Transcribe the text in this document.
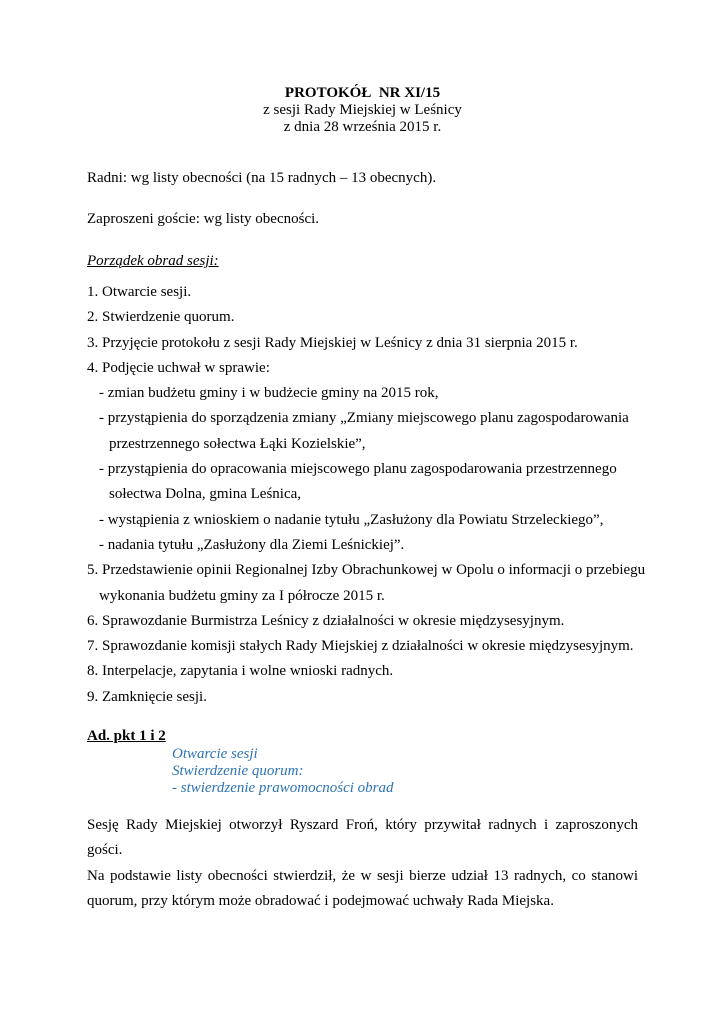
PROTOKÓŁ  NR XI/15
z sesji Rady Miejskiej w Leśnicy
z dnia 28 września 2015 r.
Radni: wg listy obecności (na 15 radnych – 13 obecnych).
Zaproszeni goście: wg listy obecności.
Porządek obrad sesji:
1. Otwarcie sesji.
2. Stwierdzenie quorum.
3. Przyjęcie protokołu z sesji Rady Miejskiej w Leśnicy z dnia 31 sierpnia 2015 r.
4. Podjęcie uchwał w sprawie:
- zmian budżetu gminy i w budżecie gminy na 2015 rok,
- przystąpienia do sporządzenia zmiany „Zmiany miejscowego planu zagospodarowania
przestrzennego sołectwa Łąki Kozielskie”,
- przystąpienia do opracowania miejscowego planu zagospodarowania przestrzennego
sołectwa Dolna, gmina Leśnica,
- wystąpienia z wnioskiem o nadanie tytułu „Zasłużony dla Powiatu Strzeleckiego”,
- nadania tytułu „Zasłużony dla Ziemi Leśnickiej”.
5. Przedstawienie opinii Regionalnej Izby Obrachunkowej w Opolu o informacji o przebiegu
wykonania budżetu gminy za I półrocze 2015 r.
6. Sprawozdanie Burmistrza Leśnicy z działalności w okresie międzysesyjnym.
7. Sprawozdanie komisji stałych Rady Miejskiej z działalności w okresie międzysesyjnym.
8. Interpelacje, zapytania i wolne wnioski radnych.
9. Zamknięcie sesji.
Ad. pkt 1 i 2
Otwarcie sesji
Stwierdzenie quorum:
- stwierdzenie prawomocności obrad

Sesję Rady Miejskiej otworzył Ryszard Froń, który przywitał radnych i zaproszonych gości.

Na podstawie listy obecności stwierdził, że w sesji bierze udział 13 radnych, co stanowi

quorum, przy którym może obradować i podejmować uchwały Rada Miejska.
